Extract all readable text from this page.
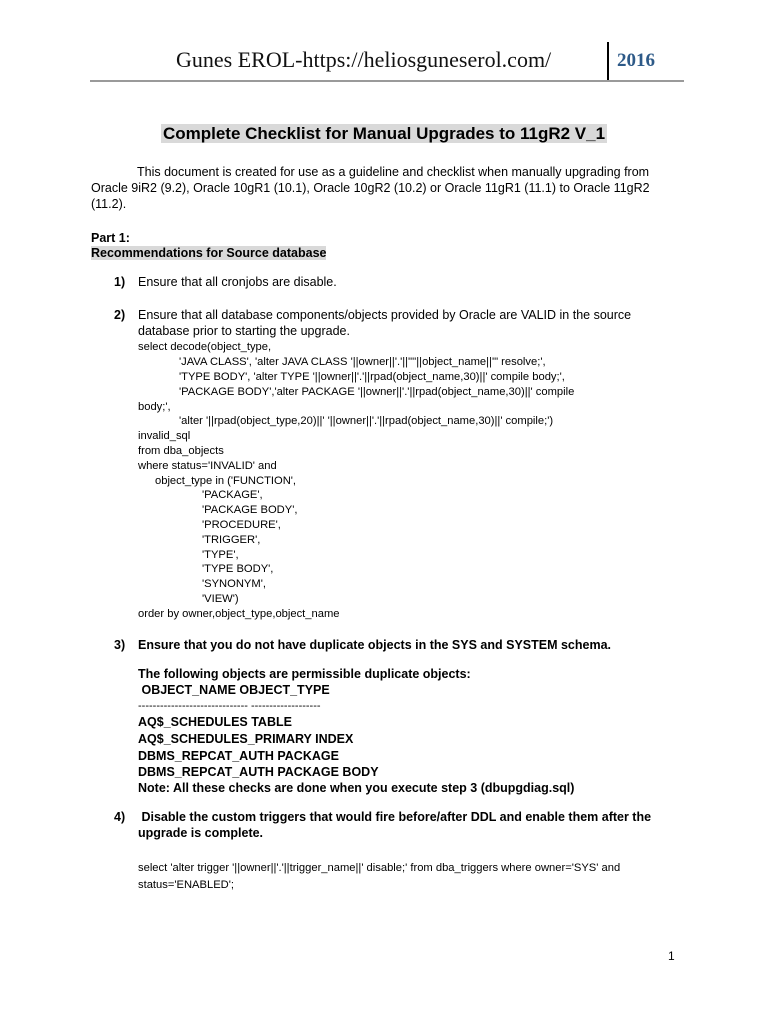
Gunes EROL-https://heliosguneserol.com/	2016
Complete Checklist for Manual Upgrades to 11gR2 V_1
This document is created for use as a guideline and checklist when manually upgrading from
Oracle 9iR2 (9.2), Oracle 10gR1 (10.1), Oracle 10gR2 (10.2) or Oracle 11gR1 (11.1) to Oracle 11gR2
(11.2).
Part 1:
Recommendations for Source database
1) Ensure that all cronjobs are disable.
2) Ensure that all database components/objects provided by Oracle are VALID in the source
database prior to starting the upgrade.
select decode(object_type,
'JAVA CLASS', 'alter JAVA CLASS '||owner||'.'||'"'||object_name||'" resolve;',
'TYPE BODY', 'alter TYPE '||owner||'.'||rpad(object_name,30)||' compile body;',
'PACKAGE BODY','alter PACKAGE '||owner||'.'||rpad(object_name,30)||' compile
body;',
'alter '||rpad(object_type,20)||' '||owner||'.'||rpad(object_name,30)||' compile;')
invalid_sql
from dba_objects
where status='INVALID' and
object_type in ('FUNCTION',
'PACKAGE',
'PACKAGE BODY',
'PROCEDURE',
'TRIGGER',
'TYPE',
'TYPE BODY',
'SYNONYM',
'VIEW')
order by owner,object_type,object_name
3) Ensure that you do not have duplicate objects in the SYS and SYSTEM schema.
The following objects are permissible duplicate objects:
OBJECT_NAME OBJECT_TYPE
------------------------------ -------------------
AQ$_SCHEDULES TABLE
AQ$_SCHEDULES_PRIMARY INDEX
DBMS_REPCAT_AUTH PACKAGE
DBMS_REPCAT_AUTH PACKAGE BODY
Note: All these checks are done when you execute step 3 (dbupgdiag.sql)
4) Disable the custom triggers that would fire before/after DDL and enable them after the
upgrade is complete.
select 'alter trigger '||owner||'.'||trigger_name||' disable;' from dba_triggers where owner='SYS' and
status='ENABLED';
1
